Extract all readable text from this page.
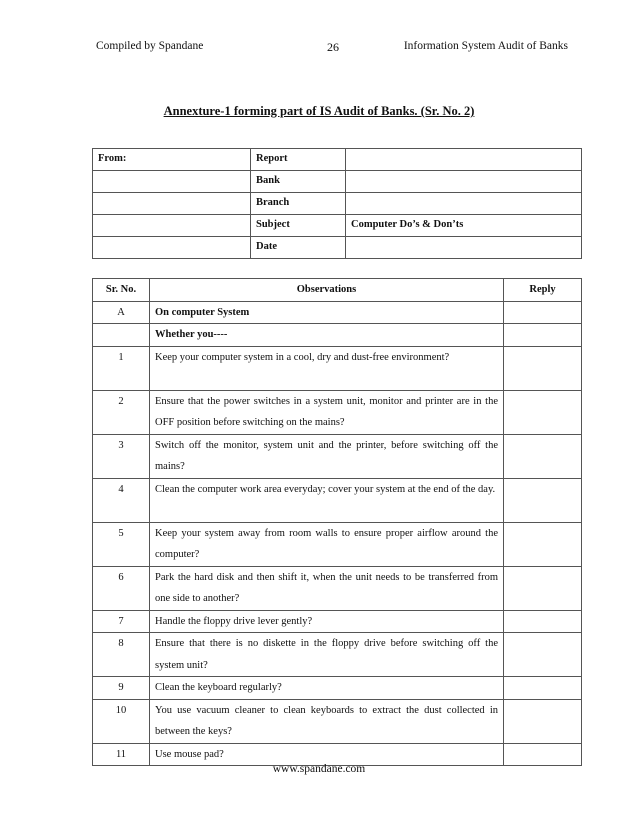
Compiled by Spandane	26	Information System Audit of Banks
Annexture-1 forming part of IS Audit of Banks. (Sr. No. 2)
From:	Report	
	Bank	
	Branch	
	Subject	Computer Do’s & Don’ts
	Date	
Sr. No.	Observations	Reply
A	On computer System	
	Whether you----	
1	Keep your computer system in a cool, dry and dust-free environment?	
2	Ensure that the power switches in a system unit, monitor and printer are in the OFF position before switching on the mains?	
3	Switch off the monitor, system unit and the printer, before switching off the mains?	
4	Clean the computer work area everyday; cover your system at the end of the day.	
5	Keep your system away from room walls to ensure proper airflow around the computer?	
6	Park the hard disk and then shift it, when the unit needs to be transferred from one side to another?	
7	Handle the floppy drive lever gently?	
8	Ensure that there is no diskette in the floppy drive before switching off the system unit?	
9	Clean the keyboard regularly?	
10	You use vacuum cleaner to clean keyboards to extract the dust collected in between the keys?	
11	Use mouse pad?	
www.spandane.com
